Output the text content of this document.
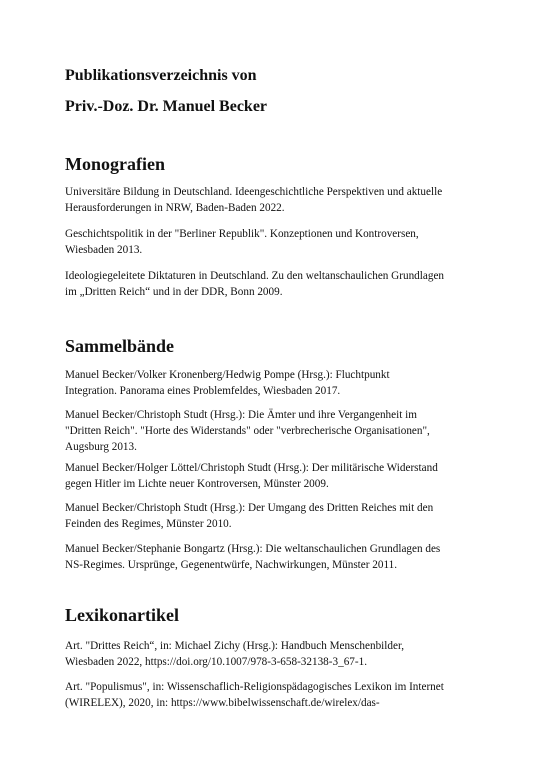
Publikationsverzeichnis von
Priv.-Doz. Dr. Manuel Becker
Monografien
Universitäre Bildung in Deutschland. Ideengeschichtliche Perspektiven und aktuelle
Herausforderungen in NRW, Baden-Baden 2022.
Geschichtspolitik in der "Berliner Republik". Konzeptionen und Kontroversen,
Wiesbaden 2013.
Ideologiegeleitete Diktaturen in Deutschland. Zu den weltanschaulichen Grundlagen
im „Dritten Reich“ und in der DDR, Bonn 2009.
Sammelbände
Manuel Becker/Volker Kronenberg/Hedwig Pompe (Hrsg.): Fluchtpunkt
Integration. Panorama eines Problemfeldes, Wiesbaden 2017.
Manuel Becker/Christoph Studt (Hrsg.): Die Ämter und ihre Vergangenheit im
"Dritten Reich". "Horte des Widerstands" oder "verbrecherische Organisationen",
Augsburg 2013.
Manuel Becker/Holger Löttel/Christoph Studt (Hrsg.): Der militärische Widerstand
gegen Hitler im Lichte neuer Kontroversen, Münster 2009.
Manuel Becker/Christoph Studt (Hrsg.): Der Umgang des Dritten Reiches mit den
Feinden des Regimes, Münster 2010.
Manuel Becker/Stephanie Bongartz (Hrsg.): Die weltanschaulichen Grundlagen des
NS-Regimes. Ursprünge, Gegenentwürfe, Nachwirkungen, Münster 2011.
Lexikonartikel
Art. "Drittes Reich“, in: Michael Zichy (Hrsg.): Handbuch Menschenbilder,
Wiesbaden 2022, https://doi.org/10.1007/978-3-658-32138-3_67-1.
Art. "Populismus", in: Wissenschaflich-Religionspädagogisches Lexikon im Internet
(WIRELEX), 2020, in: https://www.bibelwissenschaft.de/wirelex/das-
